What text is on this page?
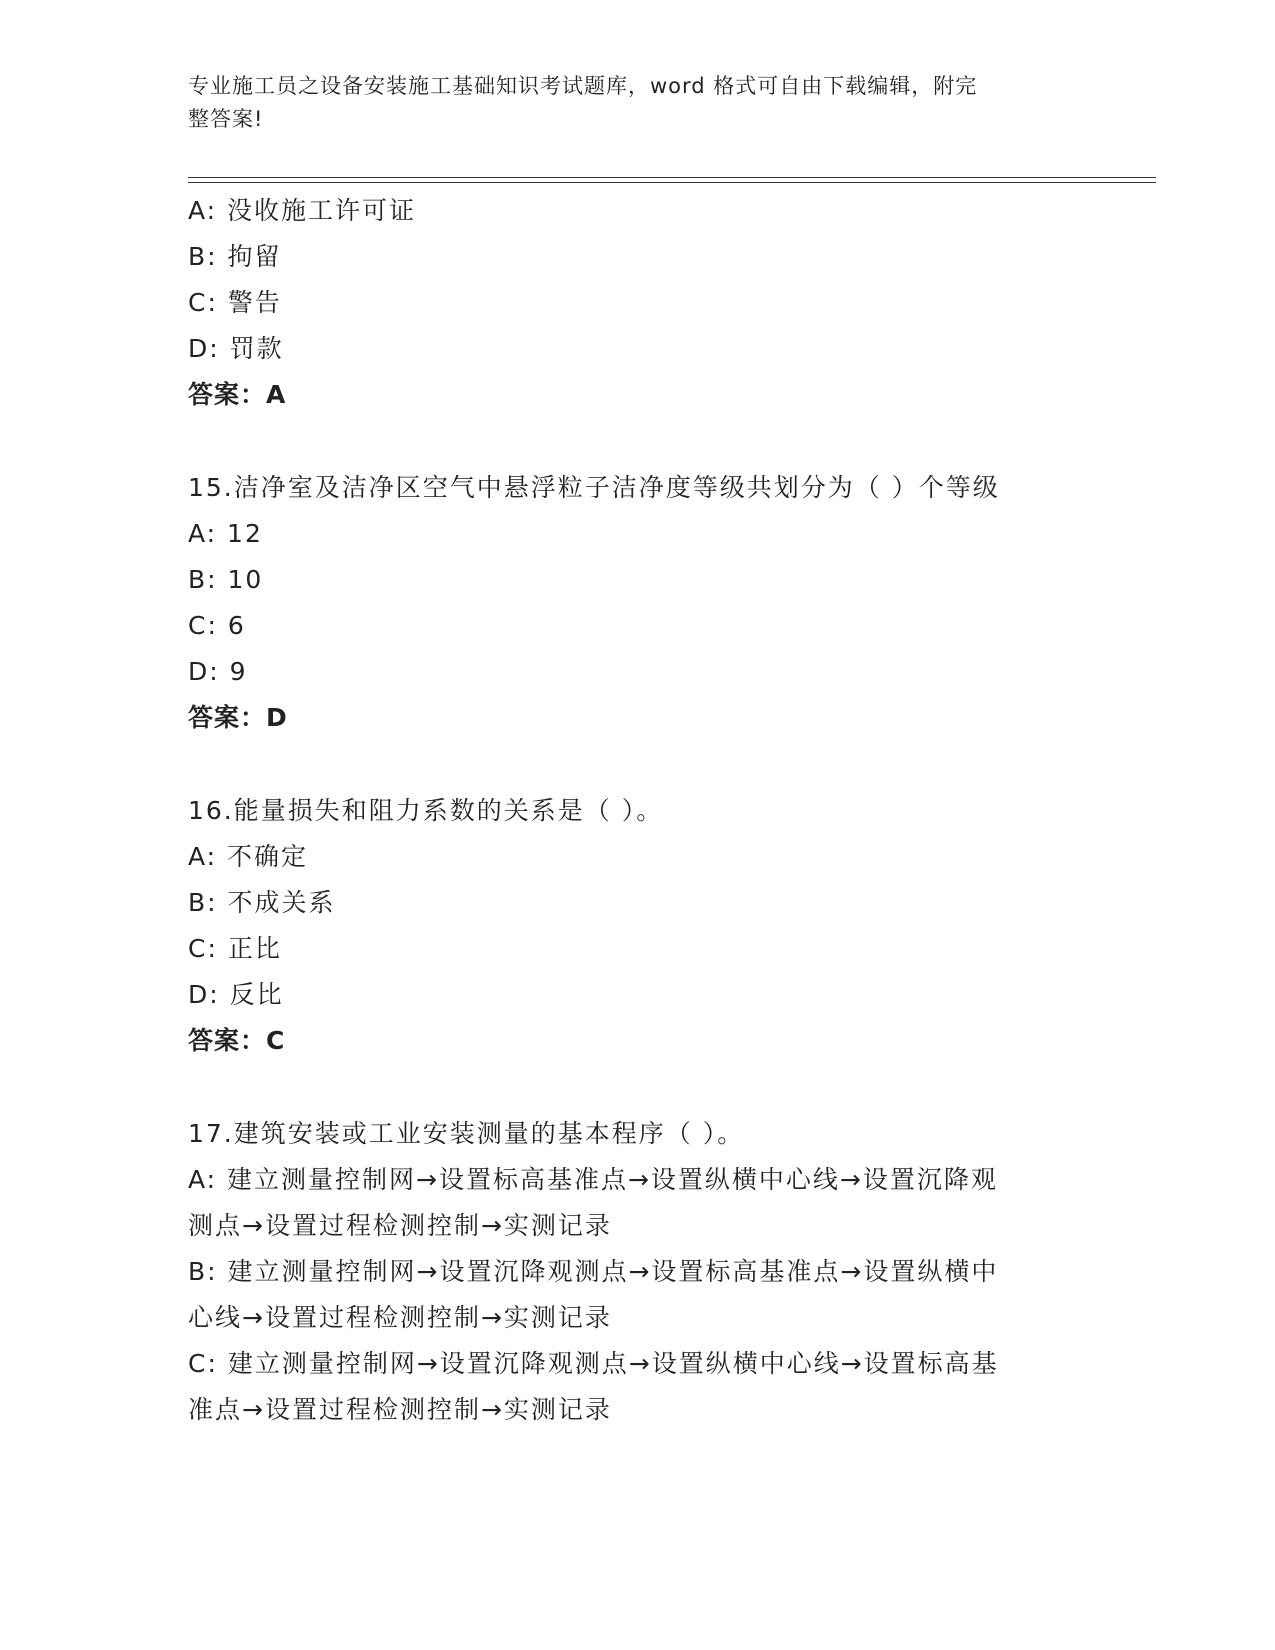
专业施工员之设备安装施工基础知识考试题库，word 格式可自由下载编辑，附完
整答案!
A: 没收施工许可证
B: 拘留
C: 警告
D: 罚款
答案：A
15.洁净室及洁净区空气中悬浮粒子洁净度等级共划分为（ ）个等级
A: 12
B: 10
C: 6
D: 9
答案：D
16.能量损失和阻力系数的关系是（ ）。
A: 不确定
B: 不成关系
C: 正比
D: 反比
答案：C
17.建筑安装或工业安装测量的基本程序（ ）。
A: 建立测量控制网→设置标高基准点→设置纵横中心线→设置沉降观
测点→设置过程检测控制→实测记录
B: 建立测量控制网→设置沉降观测点→设置标高基准点→设置纵横中
心线→设置过程检测控制→实测记录
C: 建立测量控制网→设置沉降观测点→设置纵横中心线→设置标高基
准点→设置过程检测控制→实测记录
